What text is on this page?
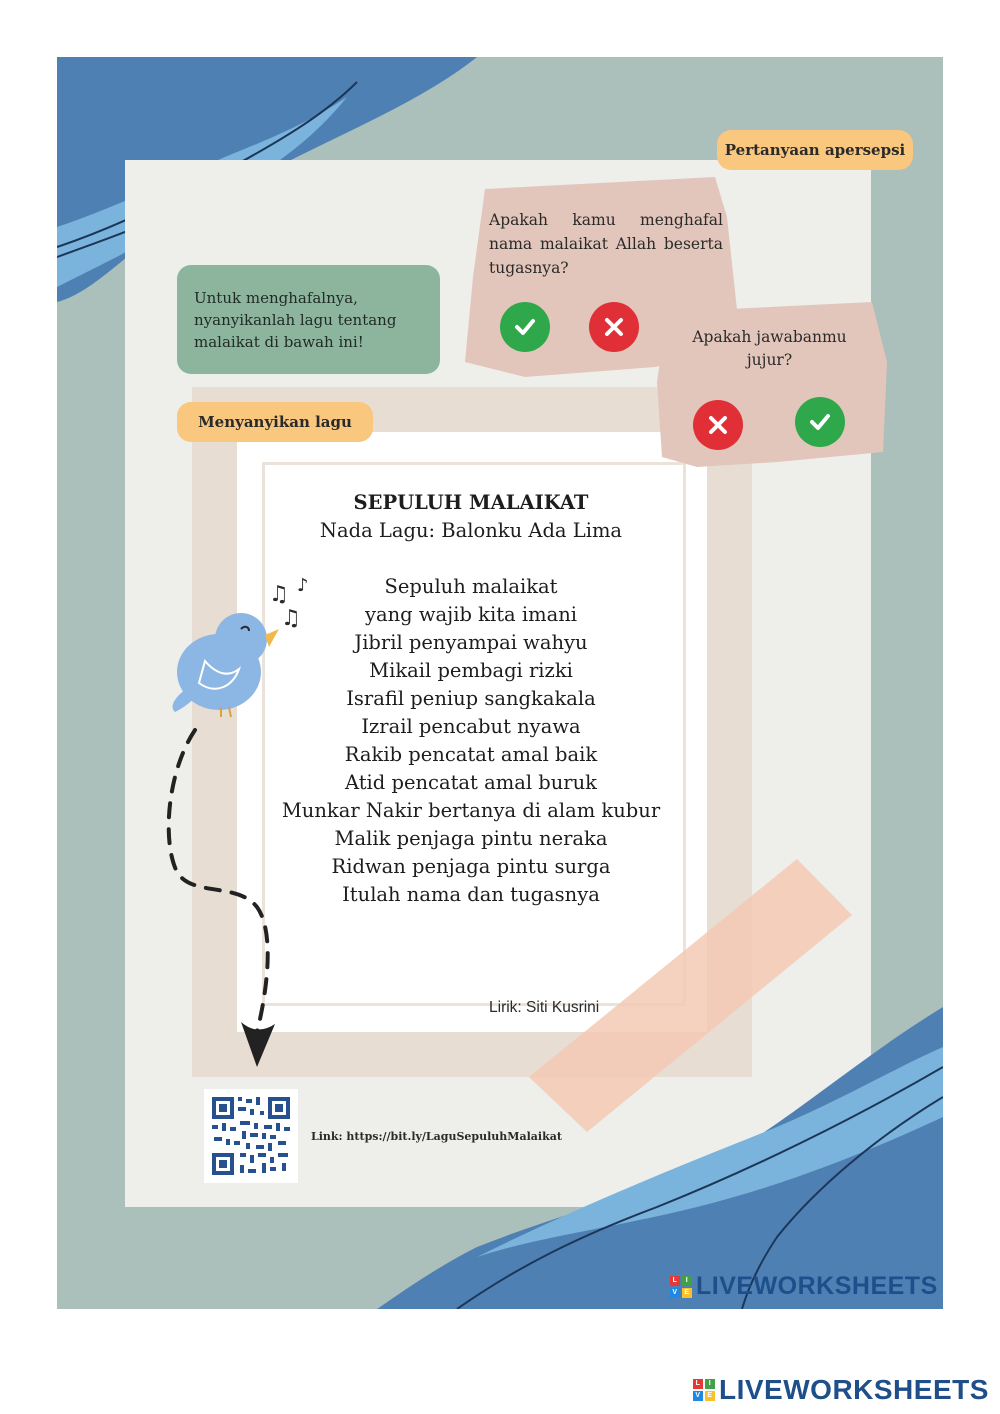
Pertanyaan apersepsi
Menyanyikan lagu
Untuk menghafalnya, nyanyikanlah lagu tentang malaikat di bawah ini!
Apakah kamu menghafal nama malaikat Allah beserta tugasnya?
Apakah jawabanmu jujur?
SEPULUH MALAIKAT
Nada Lagu: Balonku Ada Lima
Sepuluh malaikat
yang wajib kita imani
Jibril penyampai wahyu
Mikail pembagi rizki
Israfil peniup sangkakala
Izrail pencabut nyawa
Rakib pencatat amal baik
Atid pencatat amal buruk
Munkar Nakir bertanya di alam kubur
Malik penjaga pintu neraka
Ridwan penjaga pintu surga
Itulah nama dan tugasnya
Lirik: Siti Kusrini
♫ ♪
♫
Link: https://bit.ly/LaguSepuluhMalaikat
L	I
V E LIVEWORKSHEETS
L	I
V E LIVEWORKSHEETS
